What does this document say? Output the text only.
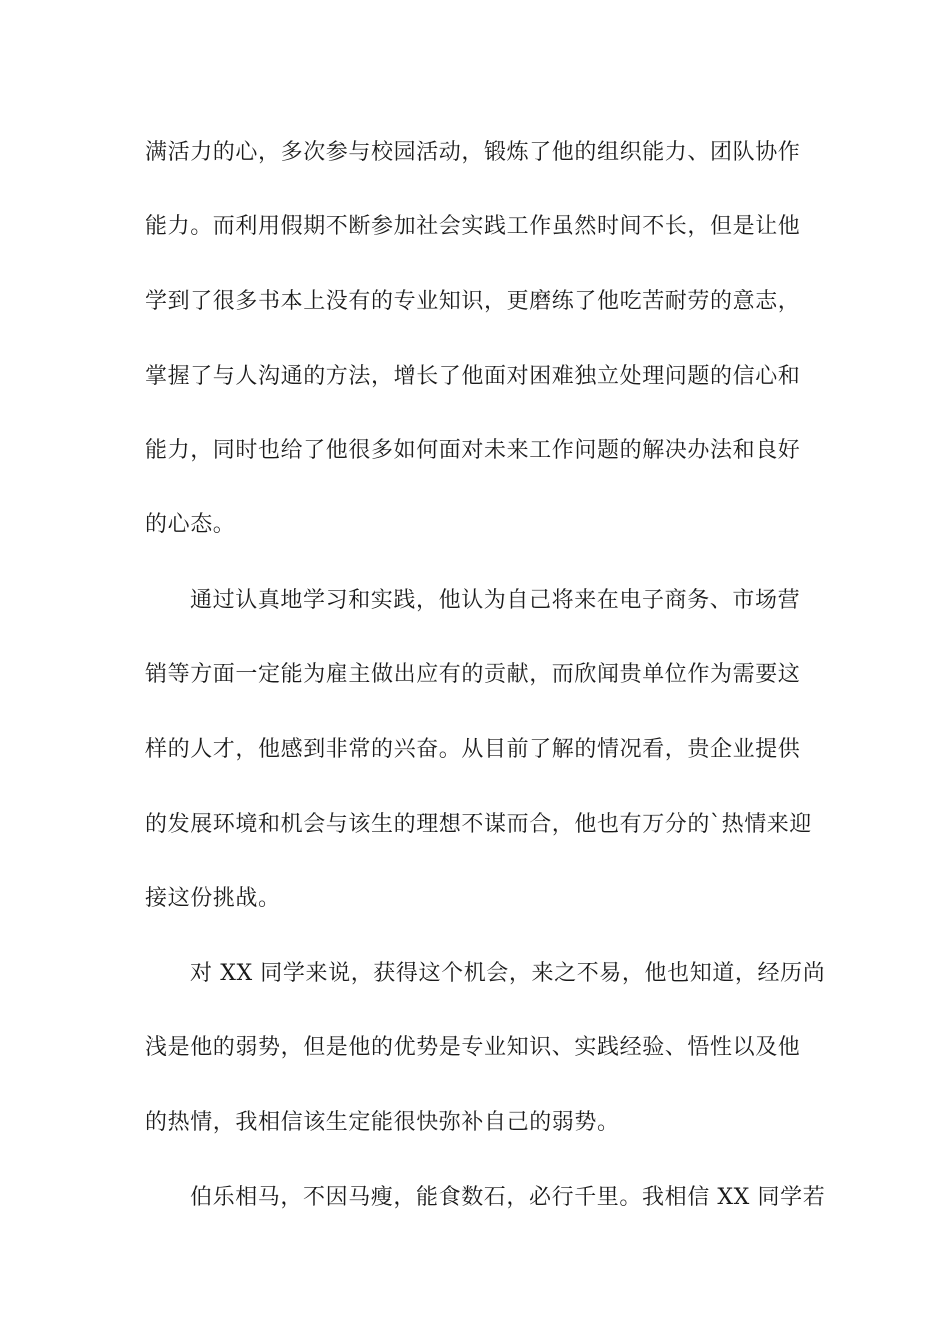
满活力的心，多次参与校园活动，锻炼了他的组织能力、团队协作
能力。而利用假期不断参加社会实践工作虽然时间不长，但是让他
学到了很多书本上没有的专业知识，更磨练了他吃苦耐劳的意志，
掌握了与人沟通的方法，增长了他面对困难独立处理问题的信心和
能力，同时也给了他很多如何面对未来工作问题的解决办法和良好
的心态。
通过认真地学习和实践，他认为自己将来在电子商务、市场营
销等方面一定能为雇主做出应有的贡献，而欣闻贵单位作为需要这
样的人才，他感到非常的兴奋。从目前了解的情况看，贵企业提供
的发展环境和机会与该生的理想不谋而合，他也有万分的`热情来迎
接这份挑战。
对 XX 同学来说，获得这个机会，来之不易，他也知道，经历尚
浅是他的弱势，但是他的优势是专业知识、实践经验、悟性以及他
的热情，我相信该生定能很快弥补自己的弱势。
伯乐相马，不因马瘦，能食数石，必行千里。我相信 XX 同学若
